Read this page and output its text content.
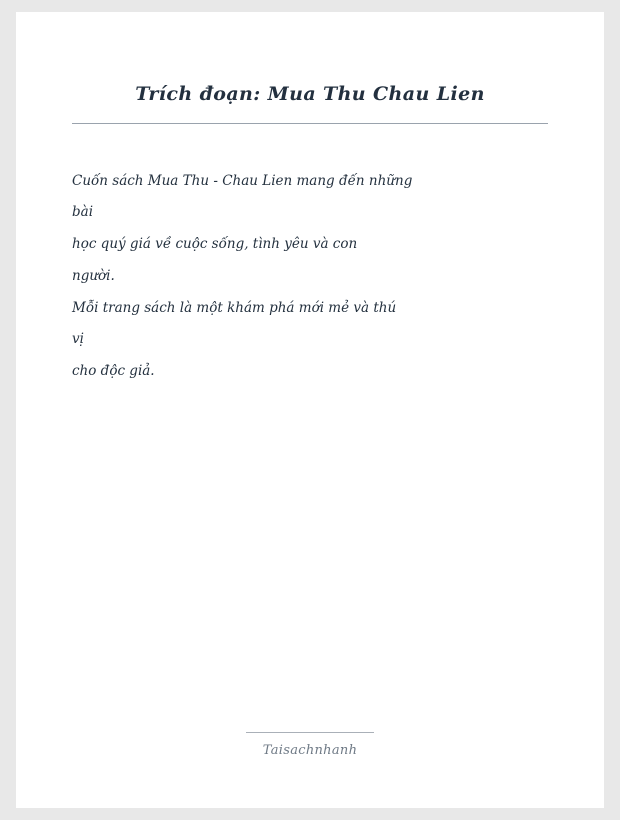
Trích đoạn: Mua Thu Chau Lien
Cuốn sách Mua Thu - Chau Lien mang đến những
bài
học quý giá về cuộc sống, tình yêu và con
người.
Mỗi trang sách là một khám phá mới mẻ và thú
vị
cho độc giả.
Taisachnhanh
